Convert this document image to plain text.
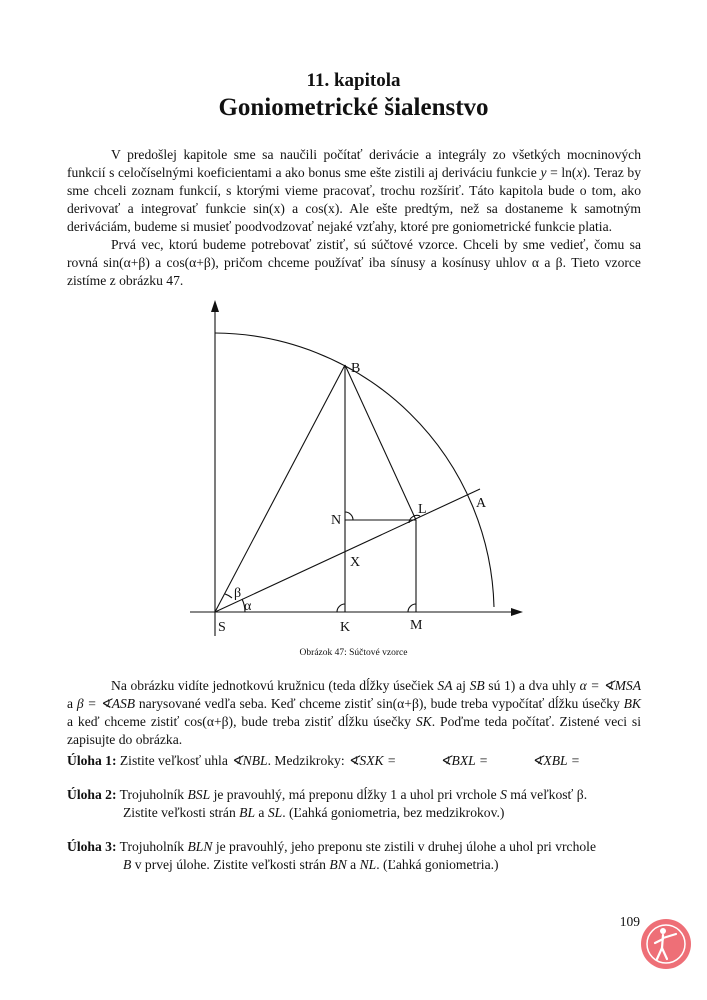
11. kapitola
Goniometrické šialenstvo

V predošlej kapitole sme sa naučili počítať derivácie a integrály zo všetkých mocninových funkcií s celočíselnými koeficientami a ako bonus sme ešte zistili aj deriváciu funkcie y = ln(x). Teraz by sme chceli zoznam funkcií, s ktorými vieme pracovať, trochu rozšíriť. Táto kapitola bude o tom, ako derivovať a integrovať funkcie sin(x) a cos(x). Ale ešte predtým, než sa dostaneme k samotným deriváciám, budeme si musieť poodvodzovať nejaké vzťahy, ktoré pre goniometrické funkcie platia.

Prvá vec, ktorú budeme potrebovať zistiť, sú súčtové vzorce. Chceli by sme vedieť, čomu sa rovná sin(α+β) a cos(α+β), pričom chceme používať iba sínusy a kosínusy uhlov α a β. Tieto vzorce zistíme z obrázku 47.

B
A
L
N
X
S	K	M
β
α
Obrázok 47: Súčtové vzorce

Na obrázku vidíte jednotkovú kružnicu (teda dĺžky úsečiek SA aj SB sú 1) a dva uhly α = ∢MSA a β = ∢ASB narysované vedľa seba. Keď chceme zistiť sin(α+β), bude treba vypočítať dĺžku úsečky BK a keď chceme zistiť cos(α+β), bude treba zistiť dĺžku úsečky SK. Poďme teda počítať. Zistené veci si zapisujte do obrázka.

Úloha 1: Zistite veľkosť uhla ∢NBL. Medzikroky: ∢SXK =	∢BXL =	∢XBL =
Úloha 2: Trojuholník BSL je pravouhlý, má preponu dĺžky 1 a uhol pri vrchole S má veľkosť β.
Zistite veľkosti strán BL a SL. (Ľahká goniometria, bez medzikrokov.)
Úloha 3: Trojuholník BLN je pravouhlý, jeho preponu ste zistili v druhej úlohe a uhol pri vrchole
B v prvej úlohe. Zistite veľkosti strán BN a NL. (Ľahká goniometria.)
109
